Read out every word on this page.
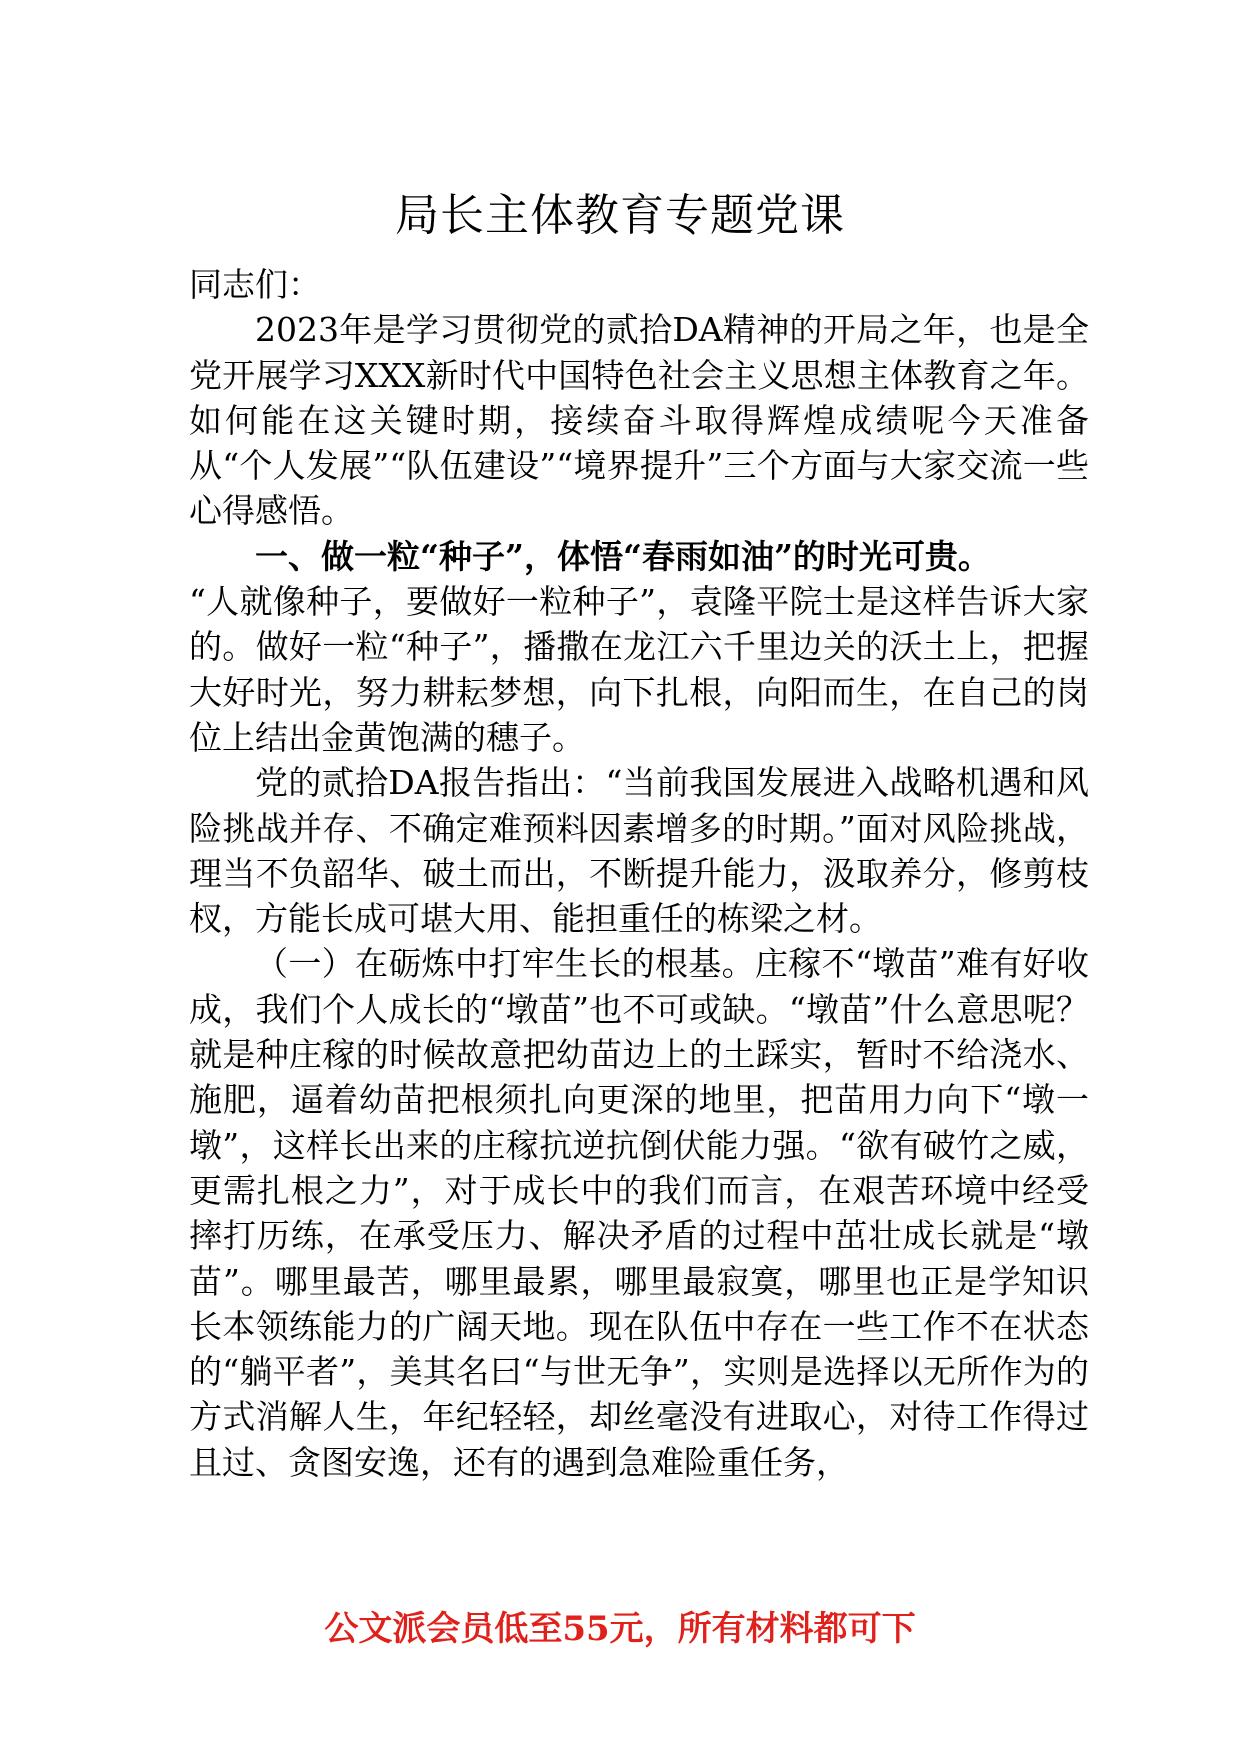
局长主体教育专题党课

同志们：

2023年是学习贯彻党的贰拾DA精神的开局之年，也是全党开展学习XXX新时代中国特色社会主义思想主体教育之年。如何能在这关键时期，接续奋斗取得辉煌成绩呢今天准备从“个人发展”“队伍建设”“境界提升”三个方面与大家交流一些心得感悟。

一、做一粒“种子”，体悟“春雨如油”的时光可贵。

“人就像种子，要做好一粒种子”，袁隆平院士是这样告诉大家的。做好一粒“种子”，播撒在龙江六千里边关的沃土上，把握大好时光，努力耕耘梦想，向下扎根，向阳而生，在自己的岗位上结出金黄饱满的穗子。

党的贰拾DA报告指出：“当前我国发展进入战略机遇和风险挑战并存、不确定难预料因素增多的时期。”面对风险挑战，理当不负韶华、破土而出，不断提升能力，汲取养分，修剪枝杈，方能长成可堪大用、能担重任的栋梁之材。

（一）在砺炼中打牢生长的根基。庄稼不“墩苗”难有好收成，我们个人成长的“墩苗”也不可或缺。“墩苗”什么意思呢？就是种庄稼的时候故意把幼苗边上的土踩实，暂时不给浇水、施肥，逼着幼苗把根须扎向更深的地里，把苗用力向下“墩一墩”，这样长出来的庄稼抗逆抗倒伏能力强。“欲有破竹之威，更需扎根之力”，对于成长中的我们而言，在艰苦环境中经受摔打历练，在承受压力、解决矛盾的过程中茁壮成长就是“墩苗”。哪里最苦，哪里最累，哪里最寂寞，哪里也正是学知识长本领练能力的广阔天地。现在队伍中存在一些工作不在状态的“躺平者”，美其名曰“与世无争”，实则是选择以无所作为的方式消解人生，年纪轻轻，却丝毫没有进取心，对待工作得过且过、贪图安逸，还有的遇到急难险重任务，

公文派会员低至55元，所有材料都可下
